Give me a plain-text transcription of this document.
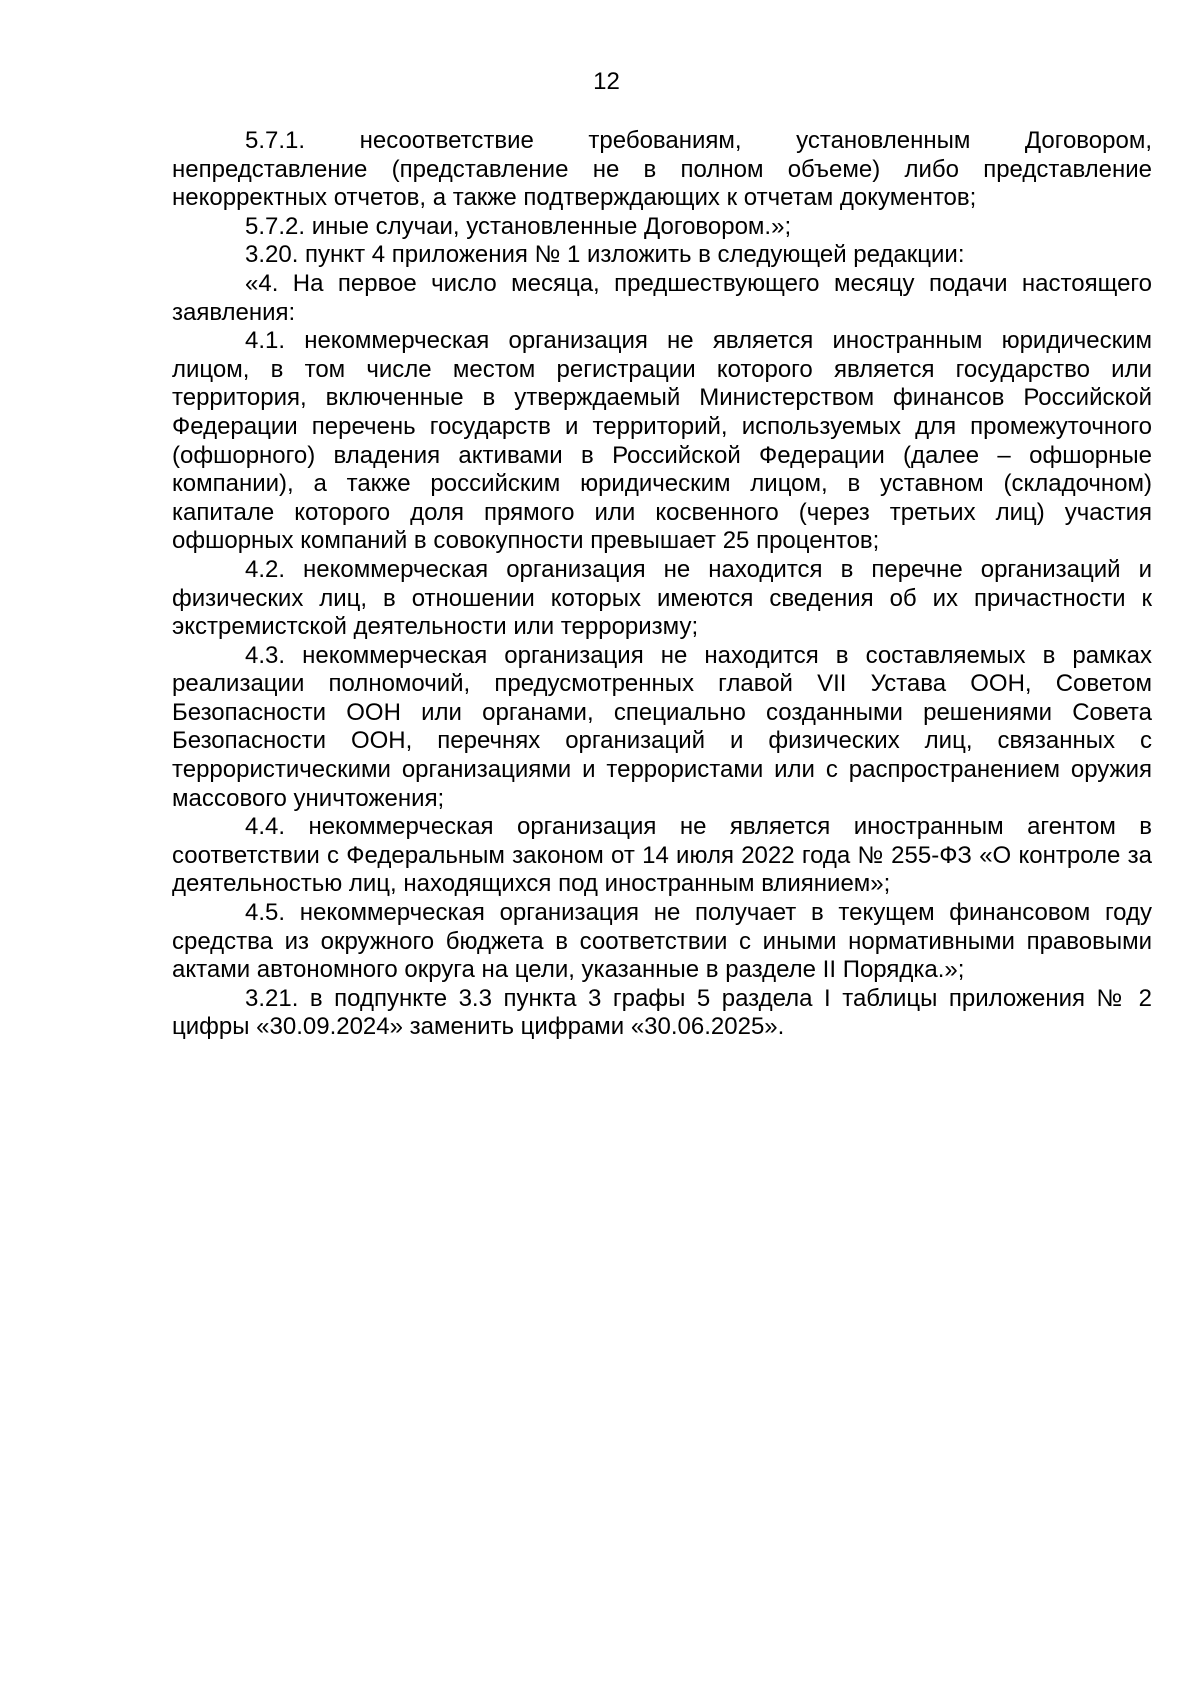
12

5.7.1. несоответствие требованиям, установленным Договором, непредставление (представление не в полном объеме) либо представление некорректных отчетов, а также подтверждающих к отчетам документов;

5.7.2. иные случаи, установленные Договором.»;

3.20. пункт 4 приложения № 1 изложить в следующей редакции:

«4. На первое число месяца, предшествующего месяцу подачи настоящего заявления:

4.1. некоммерческая организация не является иностранным юридическим лицом, в том числе местом регистрации которого является государство или территория, включенные в утверждаемый Министерством финансов Российской Федерации перечень государств и территорий, используемых для промежуточного (офшорного) владения активами в Российской Федерации (далее – офшорные компании), а также российским юридическим лицом, в уставном (складочном) капитале которого доля прямого или косвенного (через третьих лиц) участия офшорных компаний в совокупности превышает 25 процентов;

4.2. некоммерческая организация не находится в перечне организаций и физических лиц, в отношении которых имеются сведения об их причастности к экстремистской деятельности или терроризму;

4.3. некоммерческая организация не находится в составляемых в рамках реализации полномочий, предусмотренных главой VII Устава ООН, Советом Безопасности ООН или органами, специально созданными решениями Совета Безопасности ООН, перечнях организаций и физических лиц, связанных с террористическими организациями и террористами или с распространением оружия массового уничтожения;

4.4. некоммерческая организация не является иностранным агентом в соответствии с Федеральным законом от 14 июля 2022 года № 255-ФЗ «О контроле за деятельностью лиц, находящихся под иностранным влиянием»;

4.5. некоммерческая организация не получает в текущем финансовом году средства из окружного бюджета в соответствии с иными нормативными правовыми актами автономного округа на цели, указанные в разделе II Порядка.»;

3.21. в подпункте 3.3 пункта 3 графы 5 раздела I таблицы приложения № 2 цифры «30.09.2024» заменить цифрами «30.06.2025».
